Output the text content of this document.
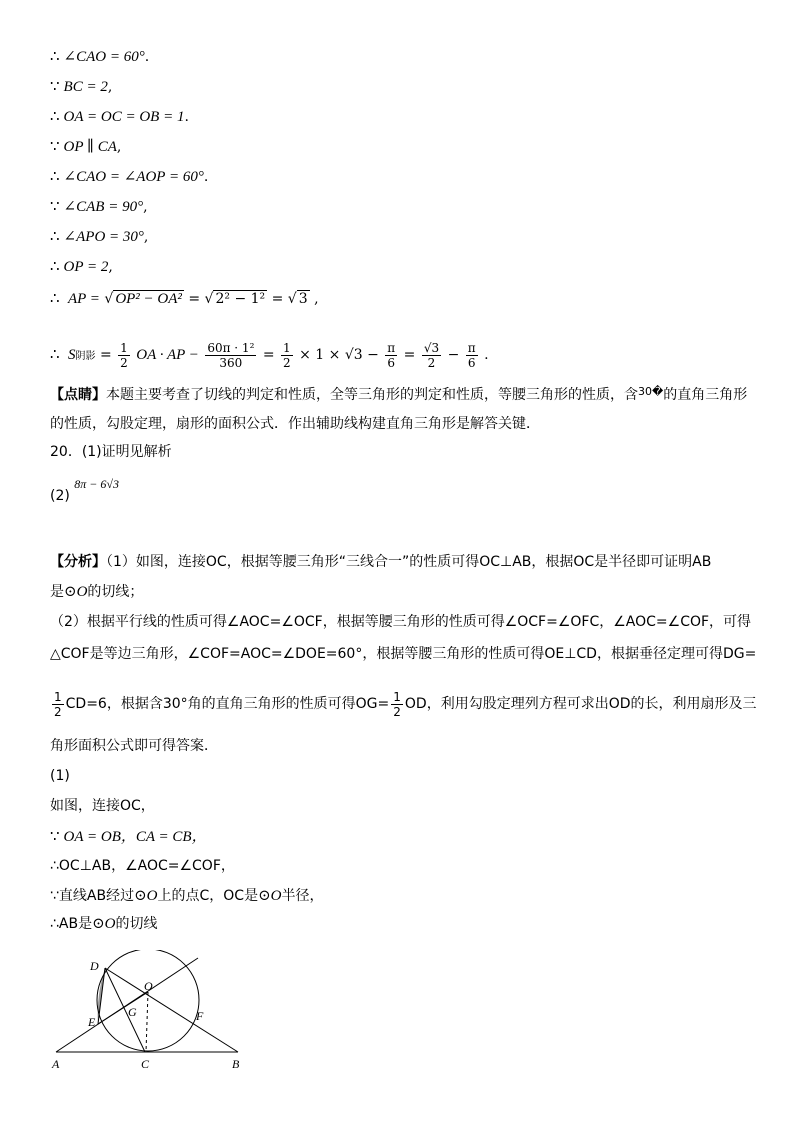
∴ ∠CAO = 60°.
∵ BC = 2,
∴ OA = OC = OB = 1.
∵ OP ∥ CA,
∴ ∠CAO = ∠AOP = 60°.
∵ ∠CAB = 90°,
∴ ∠APO = 30°,
∴ OP = 2,
∴ AP = √ OP² − OA² = √ 2² − 1² = √ 3 ,
∴ S阴影 = $\frac{1}{2}$ OA · AP − $\frac{\text{60π · 1²}}{360} = \frac{1}{2} \times 1 \times √3 - \frac{\pi}{6} = \frac{√3}{2} - \frac{\pi}{6}$ .
【点睛】本题主要考查了切线的判定和性质，全等三角形的判定和性质，等腰三角形的性质，含$^{30�}$的直角三角形
的性质，勾股定理，扇形的面积公式．作出辅助线构建直角三角形是解答关键．
20．(1)证明见解析
(2) 8π − 6√3
【分析】（1）如图，连接OC，根据等腰三角形“三线合一”的性质可得OC⊥AB，根据OC是半径即可证明AB
是⊙O的切线；
（2）根据平行线的性质可得∠AOC=∠OCF，根据等腰三角形的性质可得∠OCF=∠OFC，∠AOC=∠COF，可得
△COF是等边三角形，∠COF=AOC=∠DOE=60°，根据等腰三角形的性质可得OE⊥CD，根据垂径定理可得DG=
$\frac{1}{2} CD=6$，根据含30°角的直角三角形的性质可得$OG= \frac{1}{2}$ OD，利用勾股定理列方程可求出OD的长，利用扇形及三
角形面积公式即可得答案．
(1)
如图，连接OC，
∵ OA = OB，CA = CB，
∴OC⊥AB，∠AOC=∠COF，
∵直线AB经过⊙O上的点C，OC是⊙O半径，
∴AB是⊙O的切线
D
O
E
G	F
A	C	B
